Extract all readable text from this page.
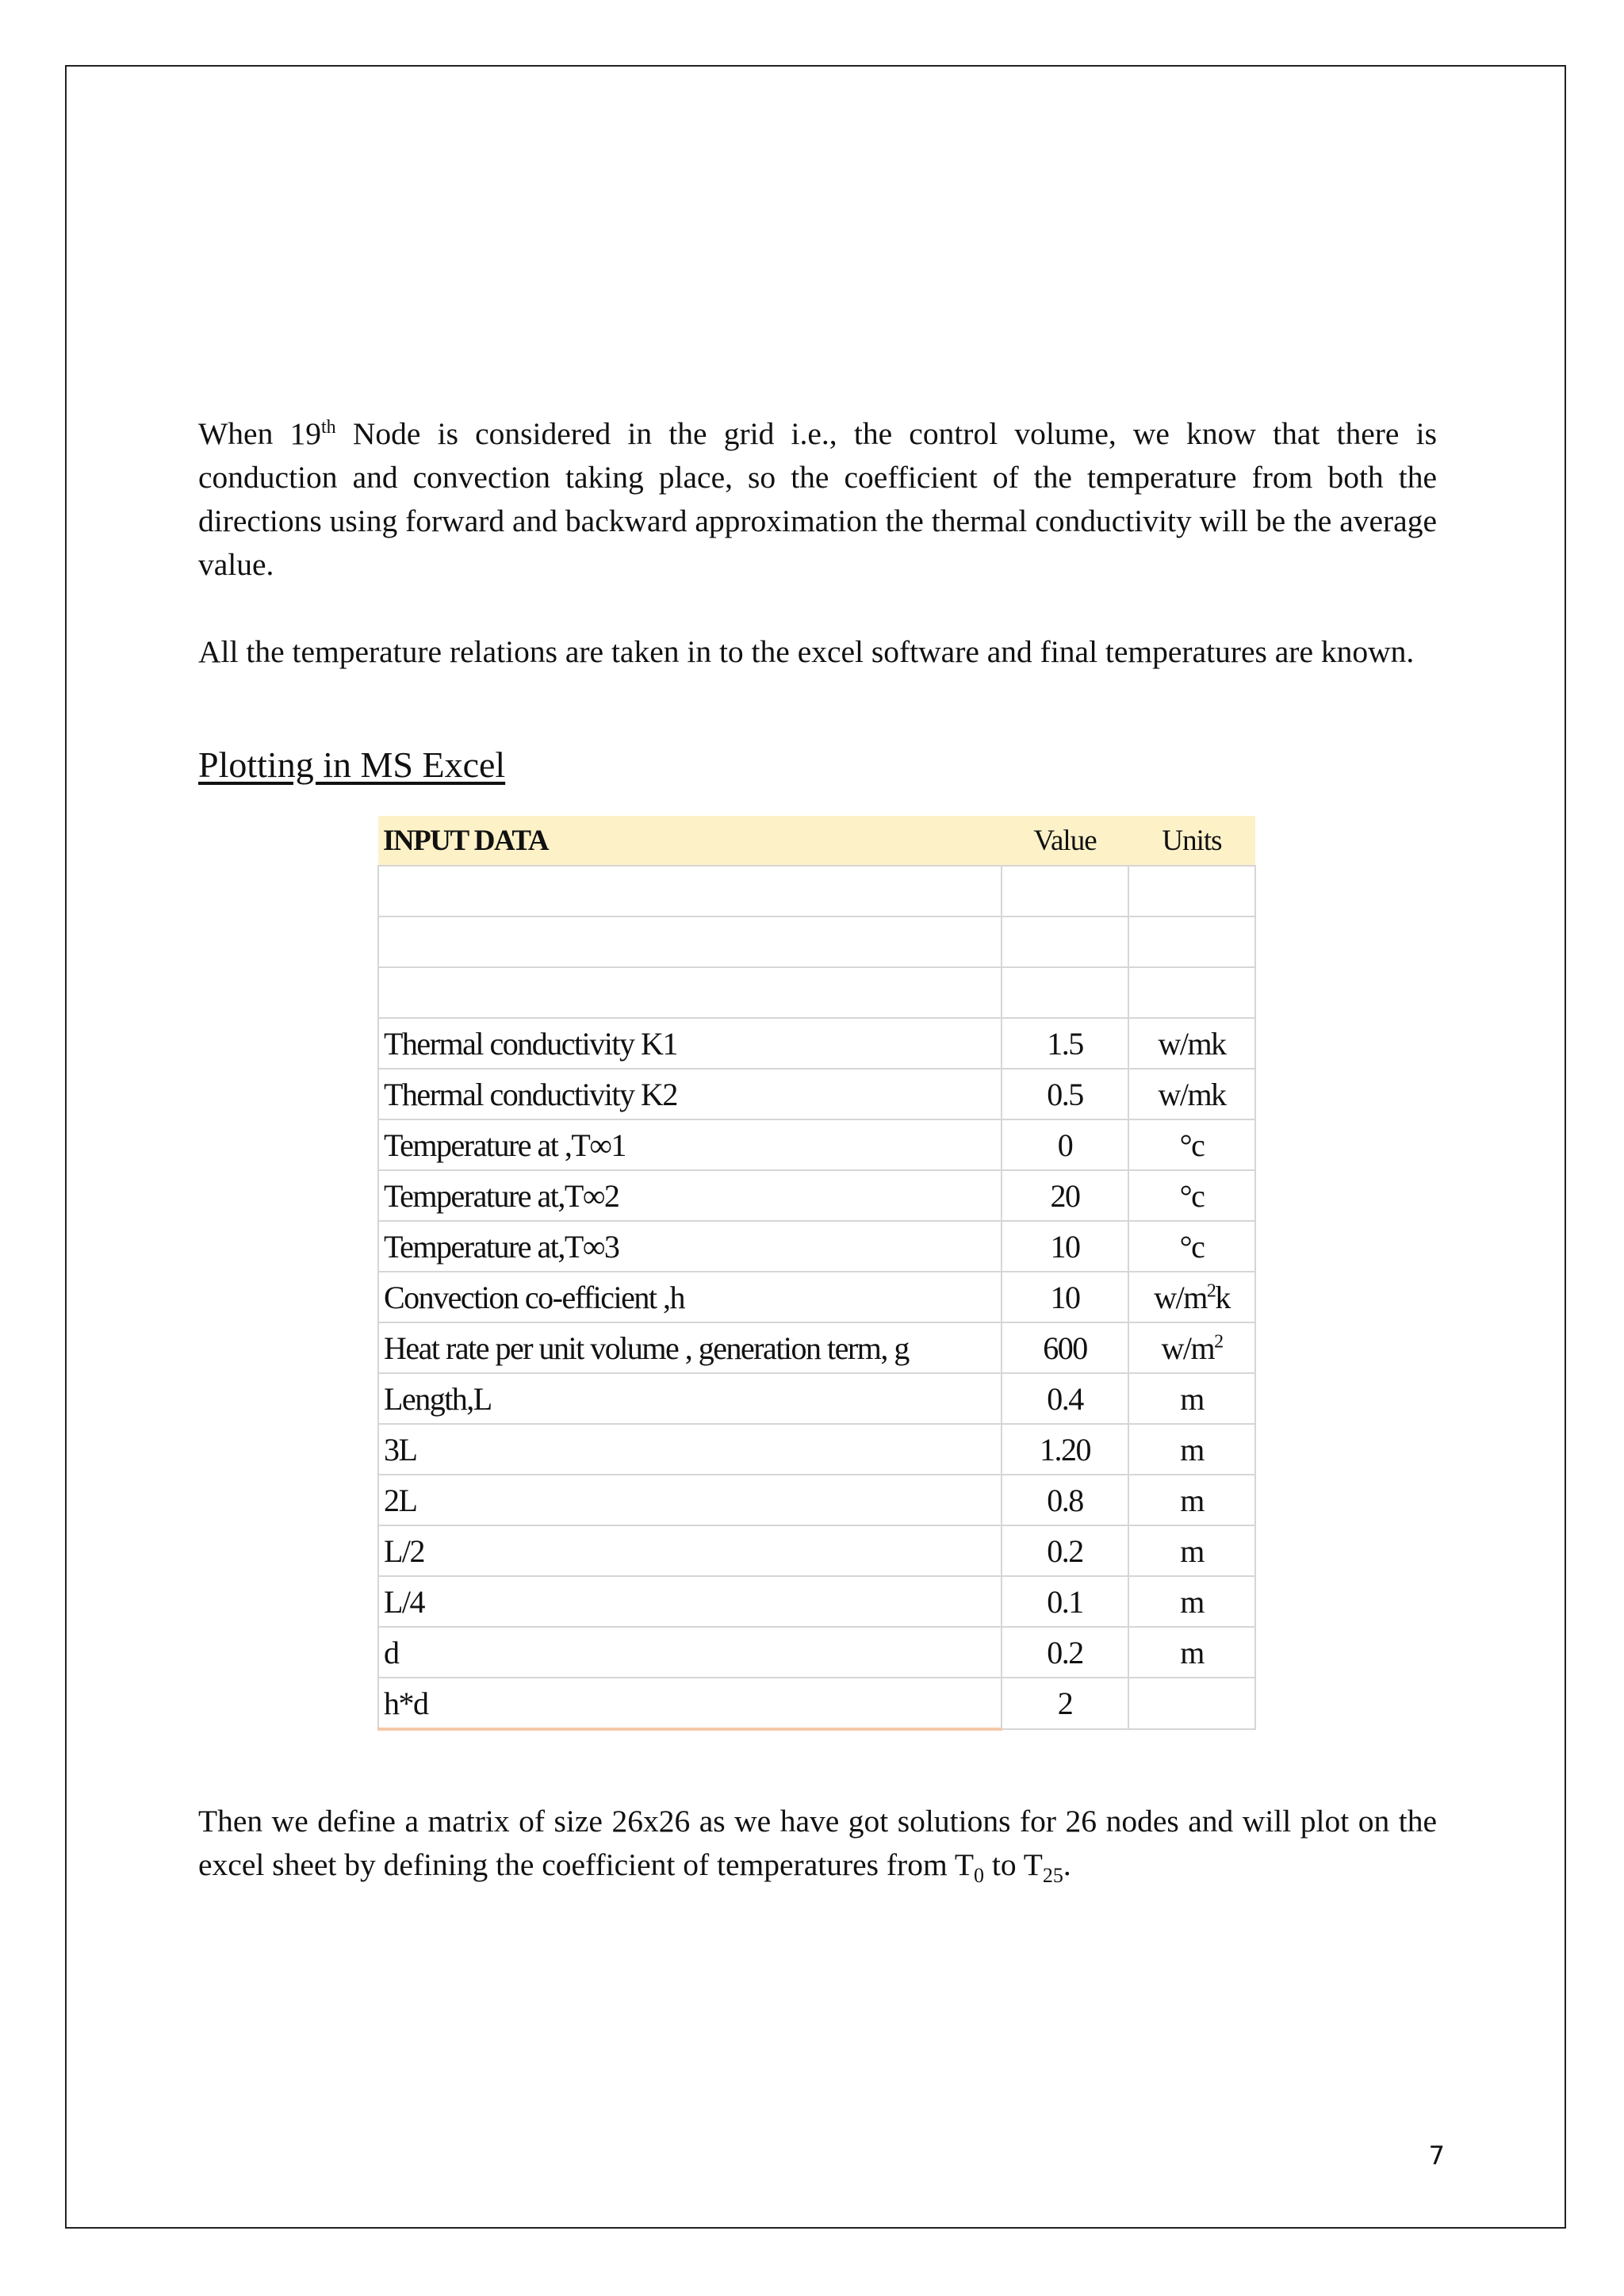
When 19th Node is considered in the grid i.e., the control volume, we know that there is conduction and convection taking place, so the coefficient of the temperature from both the directions using forward and backward approximation the thermal conductivity will be the average value.

All the temperature relations are taken in to the excel software and final temperatures are known.

Plotting in MS Excel
INPUT DATA	Value	Units

Thermal conductivity K1	1.5	w/mk
Thermal conductivity K2	0.5	w/mk
Temperature at ,T∞1	0	°c
Temperature at,T∞2	20	°c
Temperature at,T∞3	10	°c
Convection co-efficient ,h	10	$w/m^2k$
Heat rate per unit volume , generation term, g	600	$w/m^2$
Length,L	0.4	m
3L	1.20	m
2L	0.8	m
L/2	0.2	m
L/4	0.1	m
d	0.2	m
h*d	2	

Then we define a matrix of size 26x26 as we have got solutions for 26 nodes and will plot on the excel sheet by defining the coefficient of temperatures from $T_0$ to $T_{25}$.

7
